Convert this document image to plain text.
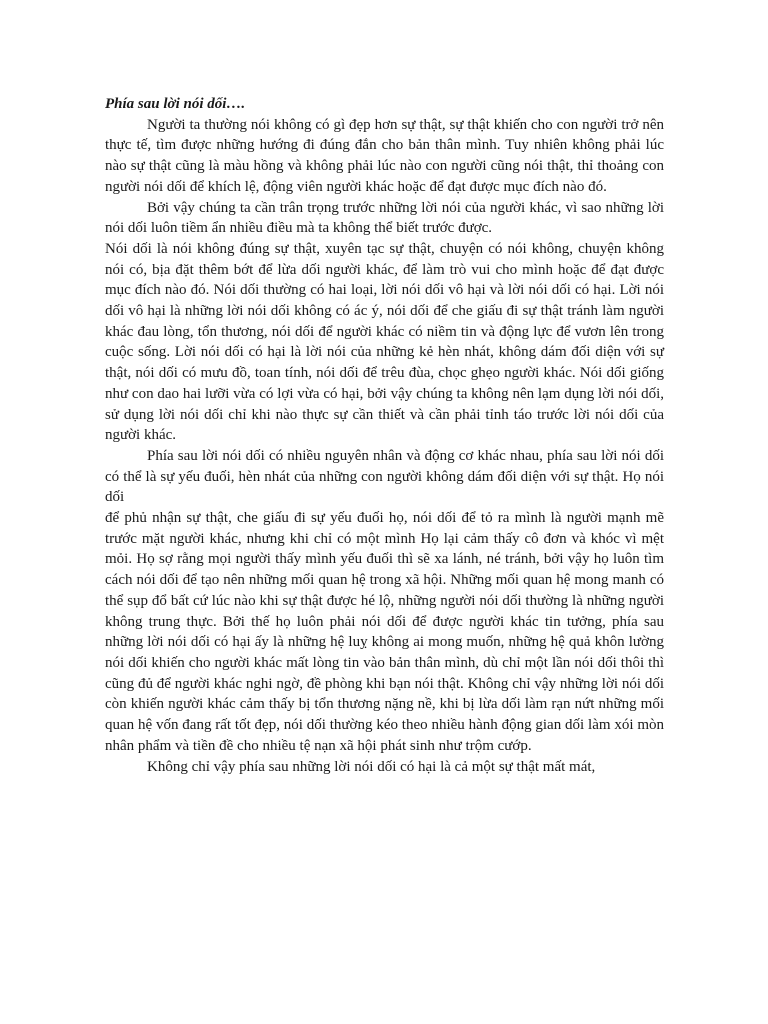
Phía sau lời nói dối….

Người ta thường nói không có gì đẹp hơn sự thật, sự thật khiến cho con người trở nên thực tế, tìm được những hướng đi đúng đắn cho bản thân mình. Tuy nhiên không phải lúc nào sự thật cũng là màu hồng và không phải lúc nào con người cũng nói thật, thỉ thoảng con người nói dối để khích lệ, động viên người khác hoặc để đạt được mục đích nào đó.

Bởi vậy chúng ta cần trân trọng trước những lời nói của người khác, vì sao những lời nói dối luôn tiềm ẩn nhiều điều mà ta không thể biết trước được.

Nói dối là nói không đúng sự thật, xuyên tạc sự thật, chuyện có nói không, chuyện không nói có, bịa đặt thêm bớt để lừa dối người khác, để làm trò vui cho mình hoặc để đạt được mục đích nào đó. Nói dối thường có hai loại, lời nói dối vô hại và lời nói dối có hại. Lời nói dối vô hại là những lời nói dối không có ác ý, nói dối để che giấu đi sự thật tránh làm người khác đau lòng, tổn thương, nói dối để người khác có niềm tin và động lực để vươn lên trong cuộc sống. Lời nói dối có hại là lời nói của những kẻ hèn nhát, không dám đối diện với sự thật, nói dối có mưu đồ, toan tính, nói dối để trêu đùa, chọc ghẹo người khác. Nói dối giống như con dao hai lưỡi vừa có lợi vừa có hại, bởi vậy chúng ta không nên lạm dụng lời nói dối, sử dụng lời nói dối chỉ khi nào thực sự cần thiết và cần phải tỉnh táo trước lời nói dối của người khác.

Phía sau lời nói dối có nhiều nguyên nhân và động cơ khác nhau, phía sau lời nói dối có thể là sự yếu đuối, hèn nhát của những con người không dám đối diện với sự thật. Họ nói dối

để phủ nhận sự thật, che giấu đi sự yếu đuối họ, nói dối để tỏ ra mình là người mạnh mẽ trước mặt người khác, nhưng khi chỉ có một mình Họ lại cảm thấy cô đơn và khóc vì mệt mỏi. Họ sợ rằng mọi người thấy mình yếu đuối thì sẽ xa lánh, né tránh, bởi vậy họ luôn tìm cách nói dối để tạo nên những mối quan hệ trong xã hội. Những mối quan hệ mong manh có thể sụp đổ bất cứ lúc nào khi sự thật được hé lộ, những người nói dối thường là những người không trung thực. Bởi thế họ luôn phải nói dối để được người khác tin tưởng, phía sau những lời nói dối có hại ấy là những hệ luỵ không ai mong muốn, những hệ quả khôn lường nói dối khiến cho người khác mất lòng tin vào bản thân mình, dù chỉ một lần nói dối thôi thì cũng đủ để người khác nghi ngờ, đề phòng khi bạn nói thật. Không chỉ vậy những lời nói dối còn khiến người khác cảm thấy bị tổn thương nặng nề, khi bị lừa dối làm rạn nứt những mối quan hệ vốn đang rất tốt đẹp, nói dối thường kéo theo nhiều hành động gian dối làm xói mòn nhân phẩm và tiền đề cho nhiều tệ nạn xã hội phát sinh như trộm cướp.

Không chỉ vậy phía sau những lời nói dối có hại là cả một sự thật mất mát,
